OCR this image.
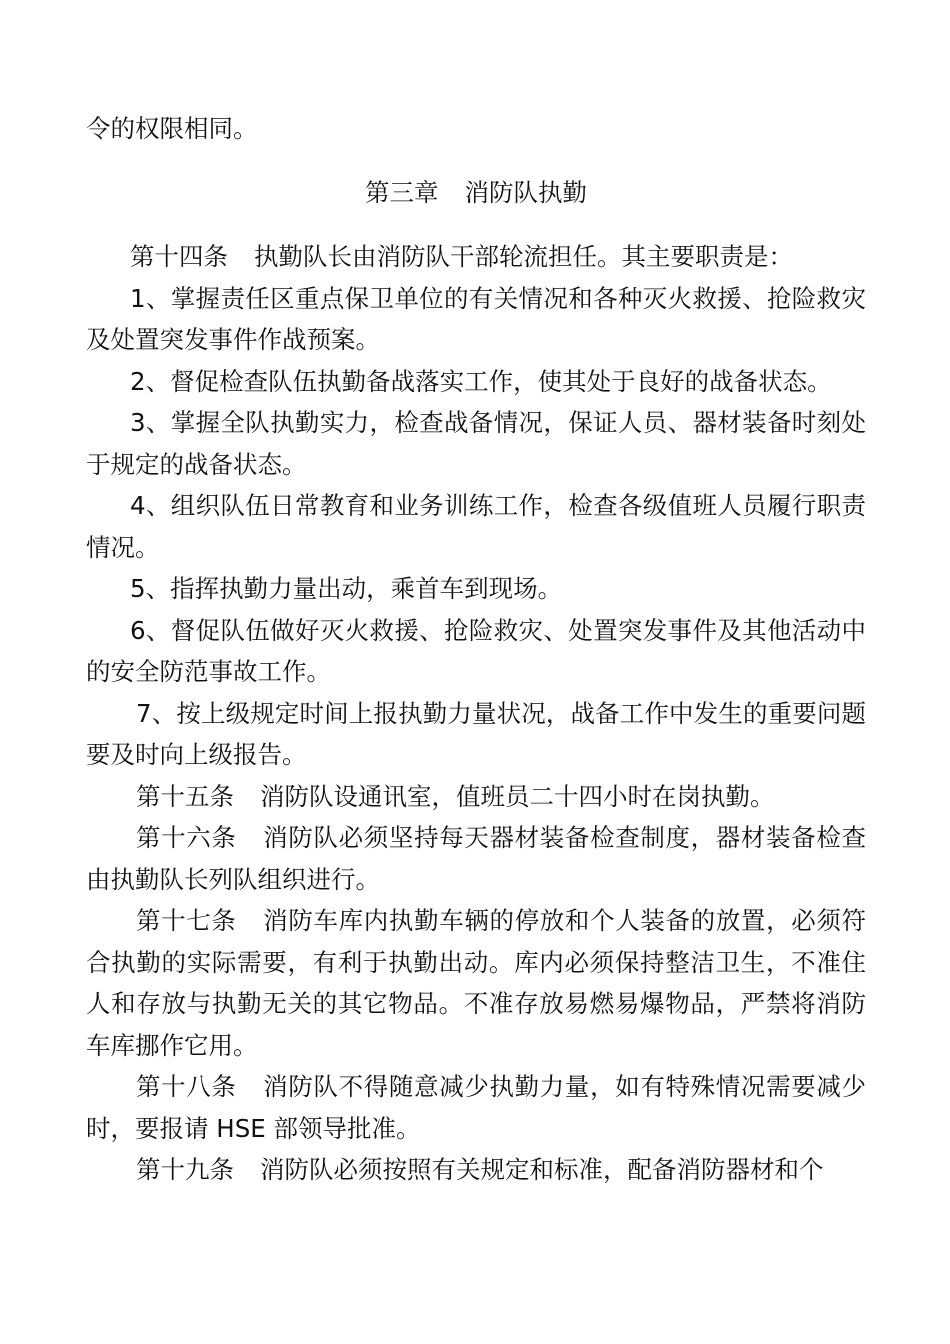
令的权限相同。

第三章 消防队执勤

第十四条 执勤队长由消防队干部轮流担任。其主要职责是：

1、掌握责任区重点保卫单位的有关情况和各种灭火救援、抢险救灾及处置突发事件作战预案。

2、督促检查队伍执勤备战落实工作，使其处于良好的战备状态。

3、掌握全队执勤实力，检查战备情况，保证人员、器材装备时刻处于规定的战备状态。

4、组织队伍日常教育和业务训练工作，检查各级值班人员履行职责情况。

5、指挥执勤力量出动，乘首车到现场。

6、督促队伍做好灭火救援、抢险救灾、处置突发事件及其他活动中的安全防范事故工作。

7、按上级规定时间上报执勤力量状况，战备工作中发生的重要问题要及时向上级报告。

第十五条 消防队设通讯室，值班员二十四小时在岗执勤。

第十六条 消防队必须坚持每天器材装备检查制度，器材装备检查由执勤队长列队组织进行。

第十七条 消防车库内执勤车辆的停放和个人装备的放置，必须符合执勤的实际需要，有利于执勤出动。库内必须保持整洁卫生，不准住人和存放与执勤无关的其它物品。不准存放易燃易爆物品，严禁将消防车库挪作它用。

第十八条 消防队不得随意减少执勤力量，如有特殊情况需要减少时，要报请 HSE 部领导批准。

第十九条 消防队必须按照有关规定和标准，配备消防器材和个
